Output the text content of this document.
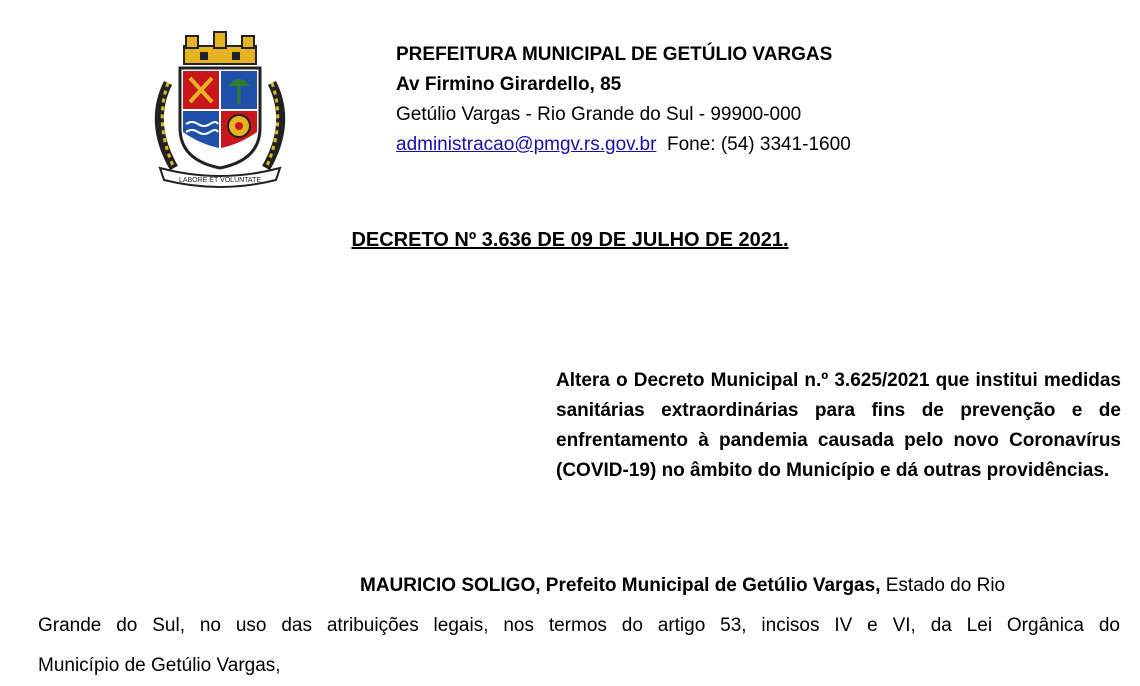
LABORE ET VOLUNTATE
PREFEITURA MUNICIPAL DE GETÚLIO VARGAS
Av Firmino Girardello, 85
Getúlio Vargas - Rio Grande do Sul - 99900-000
administracao@pmgv.rs.gov.br Fone: (54) 3341-1600
DECRETO Nº 3.636 DE 09 DE JULHO DE 2021.
Altera o Decreto Municipal n.º 3.625/2021 que institui medidas sanitárias extraordinárias para fins de prevenção e de enfrentamento à pandemia causada pelo novo Coronavírus (COVID-19) no âmbito do Município e dá outras providências.

MAURICIO SOLIGO, Prefeito Municipal de Getúlio Vargas, Estado do Rio

Grande do Sul, no uso das atribuições legais, nos termos do artigo 53, incisos IV e VI, da Lei Orgânica do

Município de Getúlio Vargas,
